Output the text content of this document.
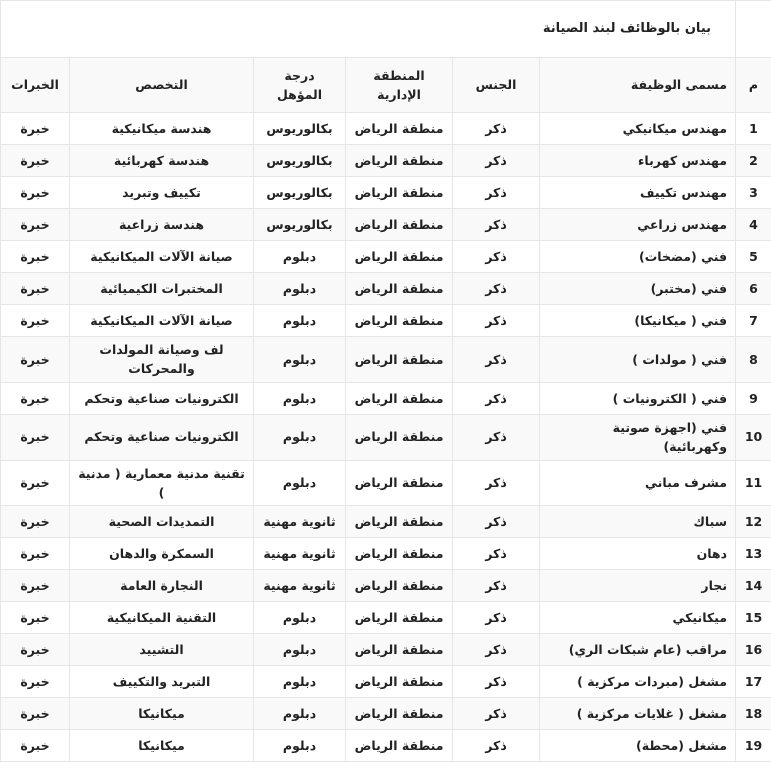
	بيان بالوظائف لبند الصيانة					
م	مسمى الوظيفة	الجنس	المنطقة الإدارية	درجة المؤهل	التخصص	الخبرات
1	مهندس ميكانيكي	ذكر	منطقة الرياض	بكالوريوس	هندسة ميكانيكية	خبرة
2	مهندس كهرباء	ذكر	منطقة الرياض	بكالوريوس	هندسة كهربائية	خبرة
3	مهندس تكييف	ذكر	منطقة الرياض	بكالوريوس	تكييف وتبريد	خبرة
4	مهندس زراعي	ذكر	منطقة الرياض	بكالوريوس	هندسة زراعية	خبرة
5	فني (مضخات)	ذكر	منطقة الرياض	دبلوم	صيانة الآلات الميكانيكية	خبرة
6	فني (مختبر)	ذكر	منطقة الرياض	دبلوم	المختبرات الكيميائية	خبرة
7	فني ( ميكانيكا)	ذكر	منطقة الرياض	دبلوم	صيانة الآلات الميكانيكية	خبرة
8	فني ( مولدات )	ذكر	منطقة الرياض	دبلوم	لف وصيانة المولدات والمحركات	خبرة
9	فني ( الكترونيات )	ذكر	منطقة الرياض	دبلوم	الكترونيات صناعية وتحكم	خبرة
10	فني (اجهزة صوتية وكهربائية)	ذكر	منطقة الرياض	دبلوم	الكترونيات صناعية وتحكم	خبرة
11	مشرف مباني	ذكر	منطقة الرياض	دبلوم	تقنية مدنية معمارية ( مدنية )	خبرة
12	سباك	ذكر	منطقة الرياض	ثانوية مهنية	التمديدات الصحية	خبرة
13	دهان	ذكر	منطقة الرياض	ثانوية مهنية	السمكرة والدهان	خبرة
14	نجار	ذكر	منطقة الرياض	ثانوية مهنية	النجارة العامة	خبرة
15	ميكانيكي	ذكر	منطقة الرياض	دبلوم	التقنية الميكانيكية	خبرة
16	مراقب (عام شبكات الري)	ذكر	منطقة الرياض	دبلوم	التشييد	خبرة
17	مشغل (مبردات مركزية )	ذكر	منطقة الرياض	دبلوم	التبريد والتكييف	خبرة
18	مشغل ( غلايات مركزية )	ذكر	منطقة الرياض	دبلوم	ميكانيكا	خبرة
19	مشغل (محطة)	ذكر	منطقة الرياض	دبلوم	ميكانيكا	خبرة
